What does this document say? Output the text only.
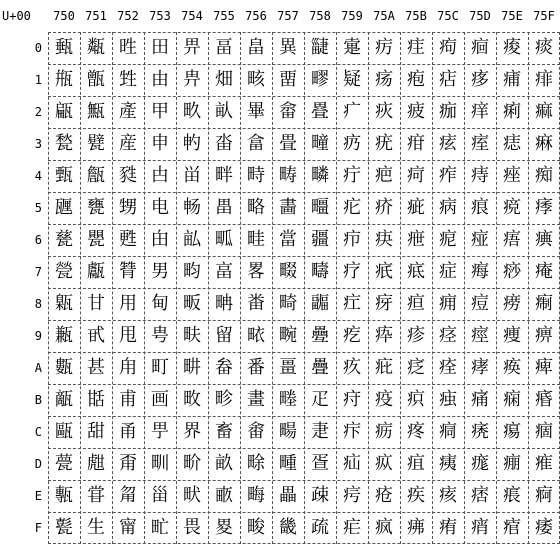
U+00	750 751 752 753 754 755 756 757 758 759 75A 75B 75C 75D 75E 75F
0
1
2
3
4
5
6
7
8
9
A
B
C
D
E
F
甀
甁
甂
甃
甄
甅
甆
甇
甈
甉
甊
甋
甌
甍
甎
甏
甐
甑
甒
甓
甔
甕
甖
甗
甘
甙
甚
甛
甜
甝
甞
生
甠
甡
產
産
甤
甥
甦
甧
用
甩
甪
甫
甬
甭
甮
甯
田
由
甲
申
甴
电
甶
男
甸
甹
町
画
甼
甽
甾
甿
畀
畁
畂
畃
畄
畅
畆
畇
畈
畉
畊
畋
界
畍
畎
畏
畐
畑
畒
畓
畔
畕
畖
畗
畘
留
畚
畛
畜
畝
畞
畟
畠
畡
畢
畣
畤
略
畦
畧
畨
畩
番
畫
畬
畭
畮
畯
異
畱
畲
畳
畴
畵
當
畷
畸
畹
畺
畻
畼
畽
畾
畿
疀
疁
疂
疃
疄
疅
疆
疇
疈
疉
疊
疋
疌
疍
疎
疏
疐
疑
疒
疓
疔
疕
疖
疗
疘
疙
疚
疛
疜
疝
疞
疟
疠
疡
疢
疣
疤
疥
疦
疧
疨
疩
疪
疫
疬
疭
疮
疯
疰
疱
疲
疳
疴
疵
疶
疷
疸
疹
疺
疻
疼
疽
疾
疿
痀
痁
痂
痃
痄
病
痆
症
痈
痉
痊
痋
痌
痍
痎
痏
痐
痑
痒
痓
痔
痕
痖
痗
痘
痙
痚
痛
痜
痝
痞
痟
痠
痡
痢
痣
痤
痥
痦
痧
痨
痩
痪
痫
痬
痭
痮
痯
痰
痱
痲
痳
痴
痵
痶
痷
痸
痹
痺
痻
痼
痽
痾
痿
